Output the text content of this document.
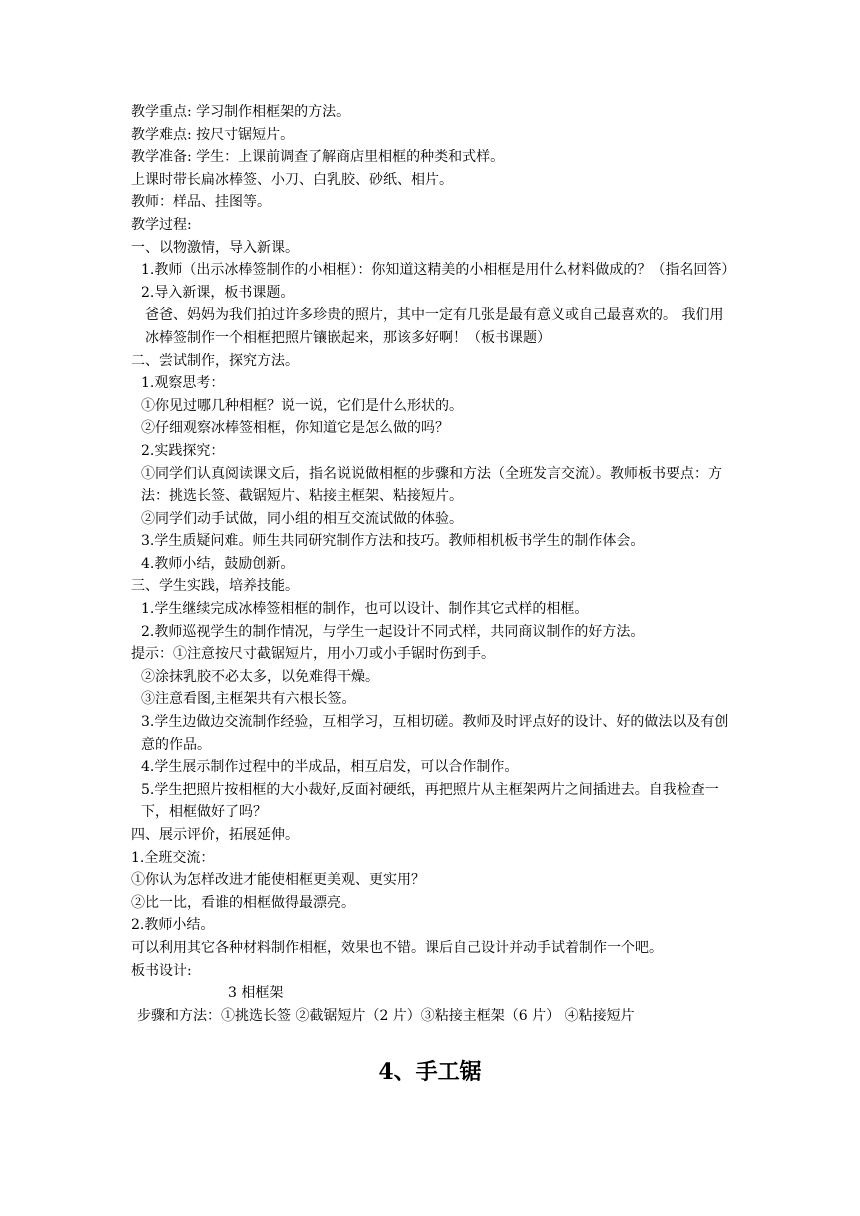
教学重点: 学习制作相框架的方法。

教学难点: 按尺寸锯短片。

教学准备: 学生：上课前调查了解商店里相框的种类和式样。

上课时带长扁冰棒签、小刀、白乳胶、砂纸、相片。

教师：样品、挂图等。

教学过程:

一、以物激情，导入新课。

1.教师（出示冰棒签制作的小相框）：你知道这精美的小相框是用什么材料做成的？（指名回答）

2.导入新课，板书课题。

爸爸、妈妈为我们拍过许多珍贵的照片，其中一定有几张是最有意义或自己最喜欢的。 我们用冰棒签制作一个相框把照片镶嵌起来，那该多好啊！（板书课题）

二、尝试制作，探究方法。

1.观察思考：

①你见过哪几种相框？说一说，它们是什么形状的。

②仔细观察冰棒签相框，你知道它是怎么做的吗？

2.实践探究：

①同学们认真阅读课文后，指名说说做相框的步骤和方法（全班发言交流）。教师板书要点：方法：挑选长签、截锯短片、粘接主框架、粘接短片。

②同学们动手试做，同小组的相互交流试做的体验。

3.学生质疑问难。师生共同研究制作方法和技巧。教师相机板书学生的制作体会。

4.教师小结，鼓励创新。

三、学生实践，培养技能。

1.学生继续完成冰棒签相框的制作，也可以设计、制作其它式样的相框。

2.教师巡视学生的制作情况，与学生一起设计不同式样，共同商议制作的好方法。

提示：①注意按尺寸截锯短片，用小刀或小手锯时伤到手。

②涂抹乳胶不必太多，以免难得干燥。

③注意看图,主框架共有六根长签。

3.学生边做边交流制作经验，互相学习，互相切磋。教师及时评点好的设计、好的做法以及有创意的作品。

4.学生展示制作过程中的半成品，相互启发，可以合作制作。

5.学生把照片按相框的大小裁好,反面衬硬纸，再把照片从主框架两片之间插进去。自我检查一下，相框做好了吗？

四、展示评价，拓展延伸。

1.全班交流：

①你认为怎样改进才能使相框更美观、更实用？

②比一比，看谁的相框做得最漂亮。

2.教师小结。

可以利用其它各种材料制作相框，效果也不错。课后自己设计并动手试着制作一个吧。

板书设计:

3 相框架

步骤和方法：①挑选长签 ②截锯短片（2 片）③粘接主框架（6 片） ④粘接短片

4、手工锯
